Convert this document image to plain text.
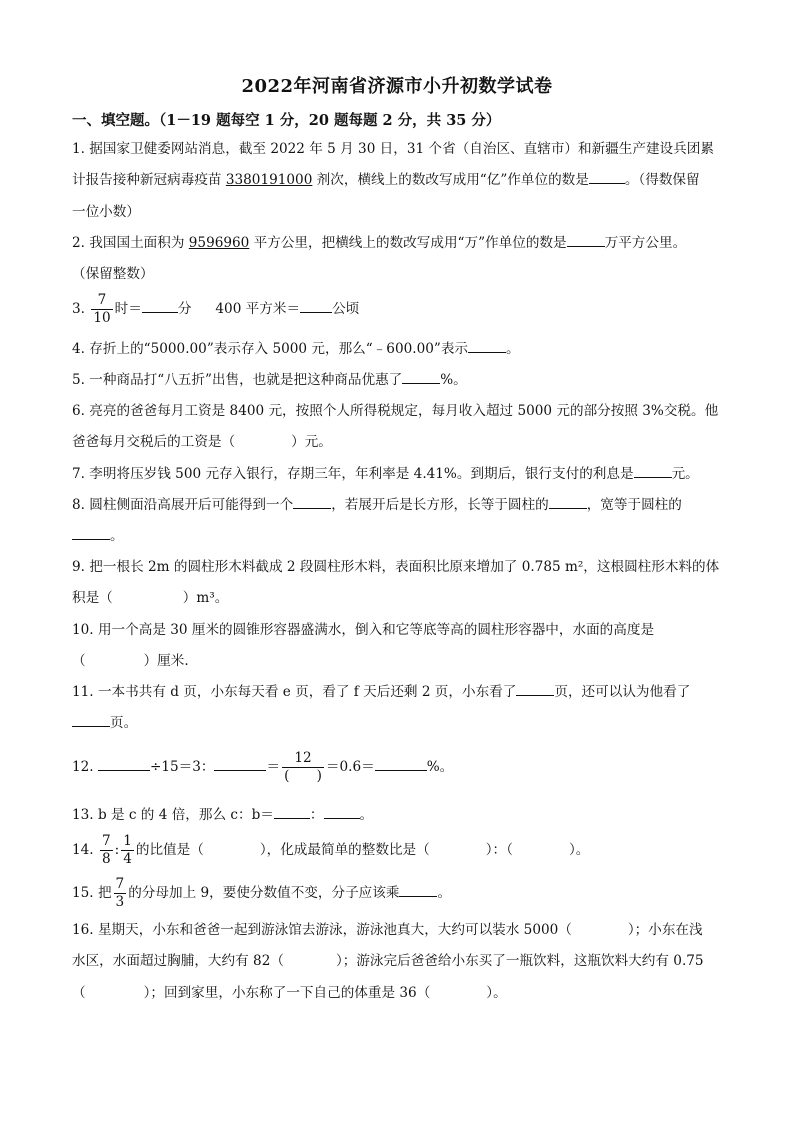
2022年河南省济源市小升初数学试卷
一、填空题。（1－19 题每空 1 分，20 题每题 2 分，共 35 分）
1. 据国家卫健委网站消息，截至 2022 年 5 月 30 日，31 个省（自治区、直辖市）和新疆生产建设兵团累
计报告接种新冠病毒疫苗 3380191000 剂次，横线上的数改写成用“亿”作单位的数是	。（得数保留
一位小数）
2. 我国国土面积为 9596960 平方公里，把横线上的数改写成用“万”作单位的数是	万平方公里。
（保留整数）
3. $\frac{7}{10}$ 时＝	分 400 平方米＝ 公顷
4. 存折上的“5000.00”表示存入 5000 元，那么“﹣600.00”表示	。
5. 一种商品打“八五折”出售，也就是把这种商品优惠了	%。
6. 亮亮的爸爸每月工资是 8400 元，按照个人所得税规定，每月收入超过 5000 元的部分按照 3%交税。他
爸爸每月交税后的工资是（	）元。
7. 李明将压岁钱 500 元存入银行，存期三年，年利率是 4.41%。到期后，银行支付的利息是	元。
8. 圆柱侧面沿高展开后可能得到一个	，若展开后是长方形，长等于圆柱的	，宽等于圆柱的
。
9. 把一根长 2m 的圆柱形木料截成 2 段圆柱形木料，表面积比原来增加了 0.785 m²，这根圆柱形木料的体
积是（	）m³。
10. 用一个高是 30 厘米的圆锥形容器盛满水，倒入和它等底等高的圆柱形容器中，水面的高度是
（	）厘米.
11. 一本书共有 d 页，小东每天看 e 页，看了 f 天后还剩 2 页，小东看了	页，还可以认为他看了
页。
12.	÷15＝3：	＝ $\frac{12}{( )} =0.6=$	%。
13. b 是 c 的 4 倍，那么 c：b＝	：	。
14. $\frac{7}{8}$ : $\frac{1}{4}$ 的比值是（	），化成最简单的整数比是（	）：（	）。
15. 把 $\frac{7}{3}$ 的分母加上 9，要使分数值不变，分子应该乘	。
16. 星期天，小东和爸爸一起到游泳馆去游泳，游泳池真大，大约可以装水 5000（	）；小东在浅
水区，水面超过胸脯，大约有 82（	）；游泳完后爸爸给小东买了一瓶饮料，这瓶饮料大约有 0.75
（	）；回到家里，小东称了一下自己的体重是 36（	）。
